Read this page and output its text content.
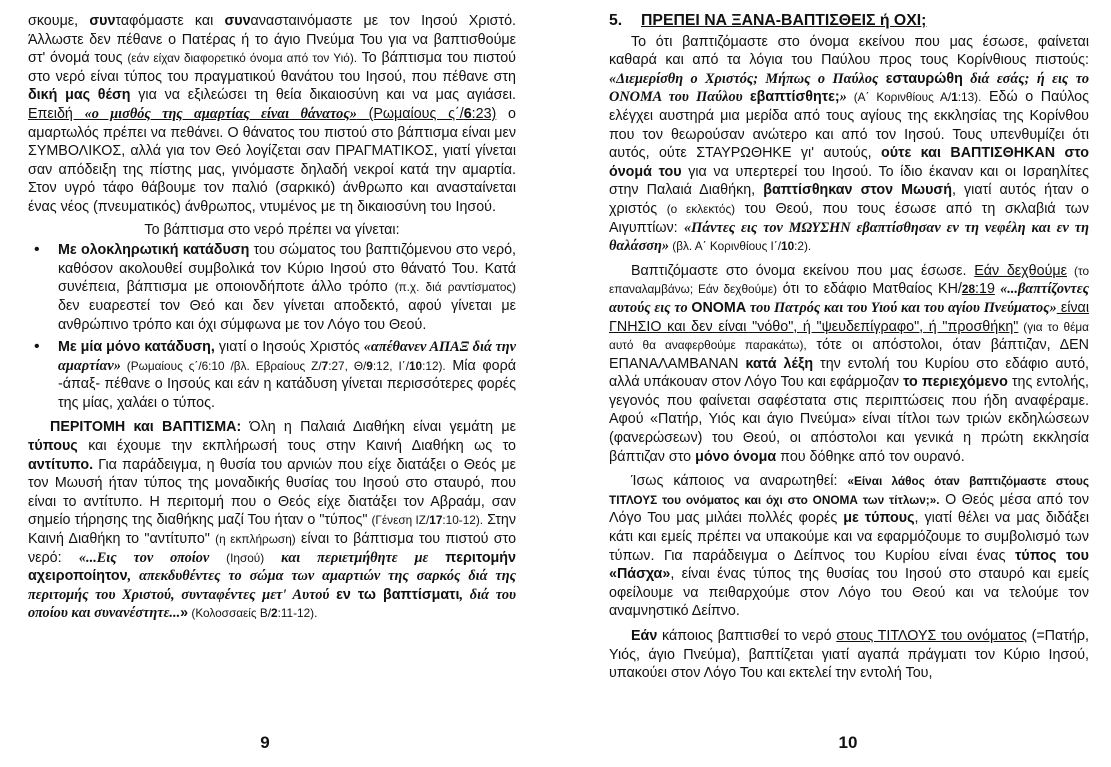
σκουμε, συνταφόμαστε και συνανασταινόμαστε με τον Ιησού Χριστό. Άλλωστε δεν πέθανε ο Πατέρας ή το άγιο Πνεύμα Του για να βαπτισθούμε στ' όνομά τους (εάν είχαν διαφορετικό όνομα από τον Υιό). Το βάπτισμα του πιστού στο νερό είναι τύπος του πραγματικού θανάτου του Ιησού, που πέθανε στη δική μας θέση για να εξιλεώσει τη θεία δικαιοσύνη και να μας αγιάσει. Επειδή «ο μισθός της αμαρτίας είναι θάνατος» (Ρωμαίους ς΄/6:23) ο αμαρτωλός πρέπει να πεθάνει. Ο θάνατος του πιστού στο βάπτισμα είναι μεν ΣΥΜΒΟΛΙΚΟΣ, αλλά για τον Θεό λογίζεται σαν ΠΡΑΓΜΑΤΙΚΟΣ, γιατί γίνεται σαν απόδειξη της πίστης μας, γινόμαστε δηλαδή νεκροί κατά την αμαρτία. Στον υγρό τάφο θάβουμε τον παλιό (σαρκικό) άνθρωπο και ανασταίνεται ένας νέος (πνευματικός) άνθρωπος, ντυμένος με τη δικαιοσύνη του Ιησού.

Το βάπτισμα στο νερό πρέπει να γίνεται:

• Με ολοκληρωτική κατάδυση του σώματος του βαπτιζόμενου στο νερό, καθόσον ακολουθεί συμβολικά τον Κύριο Ιησού στο θάνατό Του. Κατά συνέπεια, βάπτισμα με οποιονδήποτε άλλο τρόπο (π.χ. διά ραντίσματος) δεν ευαρεστεί τον Θεό και δεν γίνεται αποδεκτό, αφού γίνεται με ανθρώπινο τρόπο και όχι σύμφωνα με τον Λόγο του Θεού.
• Με μία μόνο κατάδυση, γιατί ο Ιησούς Χριστός «απέθανεν ΑΠΑΞ διά την αμαρτίαν» (Ρωμαίους ς΄/6:10 /βλ. Εβραίους Ζ/7:27, Θ/9:12, Ι΄/10:12). Μία φορά -άπαξ- πέθανε ο Ιησούς και εάν η κατάδυση γίνεται περισσότερες φορές της μίας, χαλάει ο τύπος.

ΠΕΡΙΤΟΜΗ και ΒΑΠΤΙΣΜΑ: Όλη η Παλαιά Διαθήκη είναι γεμάτη με τύπους και έχουμε την εκπλήρωσή τους στην Καινή Διαθήκη ως το αντίτυπο. Για παράδειγμα, η θυσία του αρνιών που είχε διατάξει ο Θεός με τον Μωυσή ήταν τύπος της μοναδικής θυσίας του Ιησού στο σταυρό, που είναι το αντίτυπο. Η περιτομή που ο Θεός είχε διατάξει τον Αβραάμ, σαν σημείο τήρησης της διαθήκης μαζί Του ήταν ο "τύπος" (Γένεση ΙΖ/17:10-12). Στην Καινή Διαθήκη το "αντίτυπο" (η εκπλήρωση) είναι το βάπτισμα του πιστού στο νερό: «...Εις τον οποίον (Ιησού) και περιετμήθητε με περιτομήν αχειροποίητον, απεκδυθέντες το σώμα των αμαρτιών της σαρκός διά της περιτομής του Χριστού, συνταφέντες μετ' Αυτού εν τω βαπτίσματι, διά του οποίου και συνανέστητε...» (Κολοσσαείς Β/2:11-12).

9
5. ΠΡΕΠΕΙ ΝΑ ΞΑΝΑ-ΒΑΠΤΙΣΘΕΙΣ ή ΟΧΙ;

Το ότι βαπτιζόμαστε στο όνομα εκείνου που μας έσωσε, φαίνεται καθαρά και από τα λόγια του Παύλου προς τους Κορίνθιους πιστούς: «Διεμερίσθη ο Χριστός; Μήπως ο Παύλος εσταυρώθη διά εσάς; ή εις το ΟΝΟΜΑ του Παύλου εβαπτίσθητε;» (Α΄ Κορινθίους Α/1:13). Εδώ ο Παύλος ελέγχει αυστηρά μια μερίδα από τους αγίους της εκκλησίας της Κορίνθου που τον θεωρούσαν ανώτερο και από τον Ιησού. Τους υπενθυμίζει ότι αυτός, ούτε ΣΤΑΥΡΩΘΗΚΕ γι' αυτούς, ούτε και ΒΑΠΤΙΣΘΗΚΑΝ στο όνομά του για να υπερτερεί του Ιησού. Το ίδιο έκαναν και οι Ισραηλίτες στην Παλαιά Διαθήκη, βαπτίσθηκαν στον Μωυσή, γιατί αυτός ήταν ο χριστός (ο εκλεκτός) του Θεού, που τους έσωσε από τη σκλαβιά των Αιγυπτίων: «Πάντες εις τον ΜΩΥΣΗΝ εβαπτίσθησαν εν τη νεφέλη και εν τη θαλάσση» (βλ. Α΄ Κορινθίους Ι΄/10:2).

Βαπτιζόμαστε στο όνομα εκείνου που μας έσωσε. Εάν δεχθούμε (το επαναλαμβάνω; Εάν δεχθούμε) ότι το εδάφιο Ματθαίος ΚΗ/28:19 «...βαπτίζοντες αυτούς εις το ΟΝΟΜΑ του Πατρός και του Υιού και του αγίου Πνεύματος» είναι ΓΝΗΣΙΟ και δεν είναι "νόθο", ή "ψευδεπίγραφο", ή "προσθήκη" (για το θέμα αυτό θα αναφερθούμε παρακάτω), τότε οι απόστολοι, όταν βάπτιζαν, ΔΕΝ ΕΠΑΝΑΛΑΜΒΑΝΑΝ κατά λέξη την εντολή του Κυρίου στο εδάφιο αυτό, αλλά υπάκουαν στον Λόγο Του και εφάρμοζαν το περιεχόμενο της εντολής, γεγονός που φαίνεται σαφέστατα στις περιπτώσεις που ήδη αναφέραμε. Αφού «Πατήρ, Υιός και άγιο Πνεύμα» είναι τίτλοι των τριών εκδηλώσεων (φανερώσεων) του Θεού, οι απόστολοι και γενικά η πρώτη εκκλησία βάπτιζαν στο μόνο όνομα που δόθηκε από τον ουρανό.

Ίσως κάποιος να αναρωτηθεί: «Είναι λάθος όταν βαπτιζόμαστε στους ΤΙΤΛΟΥΣ του ονόματος και όχι στο ΟΝΟΜΑ των τίτλων;». Ο Θεός μέσα από τον Λόγο Του μας μιλάει πολλές φορές με τύπους, γιατί θέλει να μας διδάξει κάτι και εμείς πρέπει να υπακούμε και να εφαρμόζουμε το συμβολισμό των τύπων. Για παράδειγμα ο Δείπνος του Κυρίου είναι ένας τύπος του «Πάσχα», είναι ένας τύπος της θυσίας του Ιησού στο σταυρό και εμείς οφείλουμε να πειθαρχούμε στον Λόγο του Θεού και να τελούμε τον αναμνηστικό Δείπνο.

Εάν κάποιος βαπτισθεί το νερό στους ΤΙΤΛΟΥΣ του ονόματος (=Πατήρ, Υιός, άγιο Πνεύμα), βαπτίζεται γιατί αγαπά πράγματι τον Κύριο Ιησού, υπακούει στον Λόγο Του και εκτελεί την εντολή Του,

10
